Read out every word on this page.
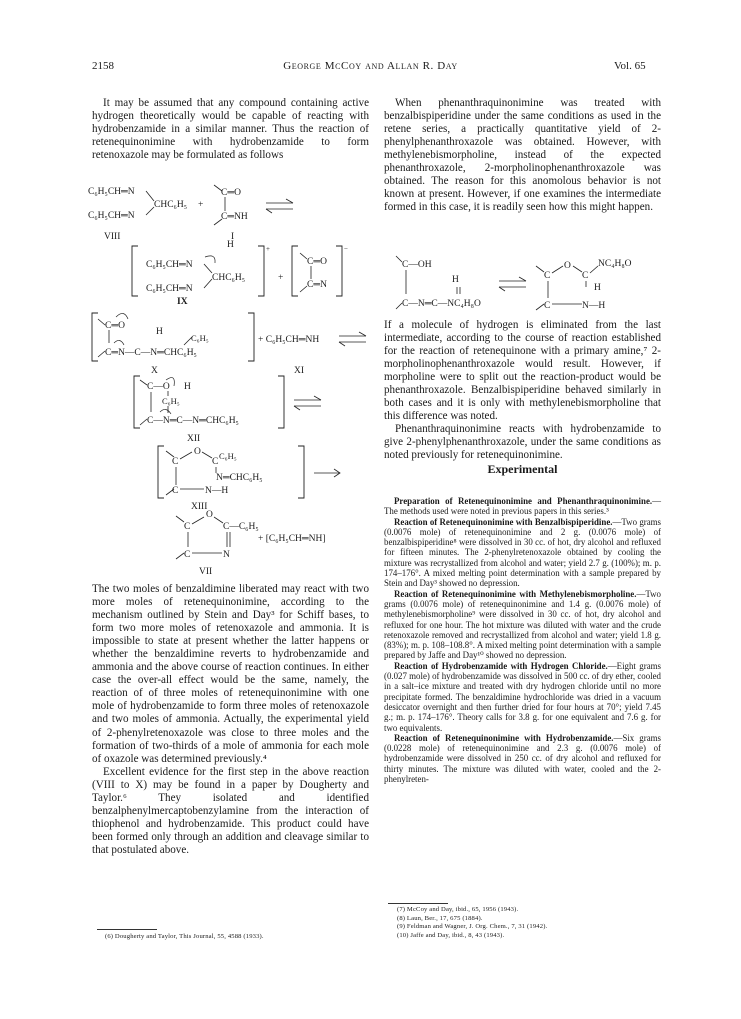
2158	George McCoy and Allan R. Day	Vol. 65

It may be assumed that any compound containing active hydrogen theoretically would be capable of reacting with hydrobenzamide in a similar manner. Thus the reaction of retenequinonimine with hydrobenzamide to form retenoxazole may be formulated as follows

C₆H₅CH═N
C₆H₅CH═N
CHC₆H₅ +
C═O
C═NH
VIII	I
H
C₆H₅CH═N
C₆H₅CH═N
CHC₆H₅
+
+
C═O
C═N
−
IX
C═O
H
C₆H₅
C═N—C—N═CHC₆H₅
+ C₆H₅CH═NH
X	XI
C—O H
C₆H₅
C—N═C—N═CHC₆H₅
XII
C
O
C
C₆H₅
N═CHC₆H₅
C	N—H
XIII
C
O
C—C₆H₅
C	N
+ [C₆H₅CH═NH]
VII

The two moles of benzaldimine liberated may react with two more moles of retenequinonimine, according to the mechanism outlined by Stein and Day³ for Schiff bases, to form two more moles of retenoxazole and ammonia. It is impossible to state at present whether the latter happens or whether the benzaldimine reverts to hydrobenzamide and ammonia and the above course of reaction continues. In either case the over-all effect would be the same, namely, the reaction of of three moles of retenequinonimine with one mole of hydrobenzamide to form three moles of retenoxazole and two moles of ammonia. Actually, the experimental yield of 2-phenylretenoxazole was close to three moles and the formation of two-thirds of a mole of ammonia for each mole of oxazole was determined previously.⁴

Excellent evidence for the first step in the above reaction (VIII to X) may be found in a paper by Dougherty and Taylor.⁶ They isolated and identified benzalphenylmercaptobenzylamine from the interaction of thiophenol and hydrobenzamide. This product could have been formed only through an addition and cleavage similar to that postulated above.

(6) Dougherty and Taylor, This Journal, 55, 4588 (1933).

When phenanthraquinonimine was treated with benzalbispiperidine under the same conditions as used in the retene series, a practically quantitative yield of 2-phenylphenanthroxazole was obtained. However, with methylenebismorpholine, instead of the expected phenanthroxazole, 2-morpholinophenanthroxazole was obtained. The reason for this anomolous behavior is not known at present. However, if one examines the intermediate formed in this case, it is readily seen how this might happen.

C—OH
H
C—N═C—NC₄H₈O
C
O
C
NC₄H₈O
H
C	N—H

If a molecule of hydrogen is eliminated from the last intermediate, according to the course of reaction established for the reaction of retenequinone with a primary amine,⁷ 2-morpholinophenanthroxazole would result. However, if morpholine were to split out the reaction-product would be phenanthroxazole. Benzalbispiperidine behaved similarly in both cases and it is only with methylenebismorpholine that this difference was noted.

Phenanthraquinonimine reacts with hydrobenzamide to give 2-phenylphenanthroxazole, under the same conditions as noted previously for retenequinonimine.

Experimental

Preparation of Retenequinonimine and Phenanthraquinonimine.—The methods used were noted in previous papers in this series.³

Reaction of Retenequinonimine with Benzalbispiperidine.—Two grams (0.0076 mole) of retenequinonimine and 2 g. (0.0076 mole) of benzalbispiperidine⁸ were dissolved in 30 cc. of hot, dry alcohol and refluxed for fifteen minutes. The 2-phenylretenoxazole obtained by cooling the mixture was recrystallized from alcohol and water; yield 2.7 g. (100%); m. p. 174–176°. A mixed melting point determination with a sample prepared by Stein and Day³ showed no depression.

Reaction of Retenequinonimine with Methylenebismorpholine.—Two grams (0.0076 mole) of retenequinonimine and 1.4 g. (0.0076 mole) of methylenebismorpholine⁹ were dissolved in 30 cc. of hot, dry alcohol and refluxed for one hour. The hot mixture was diluted with water and the crude retenoxazole removed and recrystallized from alcohol and water; yield 1.8 g. (83%); m. p. 108–108.8°. A mixed melting point determination with a sample prepared by Jaffe and Day¹⁰ showed no depression.

Reaction of Hydrobenzamide with Hydrogen Chloride.—Eight grams (0.027 mole) of hydrobenzamide was dissolved in 500 cc. of dry ether, cooled in a salt–ice mixture and treated with dry hydrogen chloride until no more precipitate formed. The benzaldimine hydrochloride was dried in a vacuum desiccator overnight and then further dried for four hours at 70°; yield 7.45 g.; m. p. 174–176°. Theory calls for 3.8 g. for one equivalent and 7.6 g. for two equivalents.

Reaction of Retenequinonimine with Hydrobenzamide.—Six grams (0.0228 mole) of retenequinonimine and 2.3 g. (0.0076 mole) of hydrobenzamide were dissolved in 250 cc. of dry alcohol and refluxed for thirty minutes. The mixture was diluted with water, cooled and the 2-phenylreten-

(7) McCoy and Day, ibid., 65, 1956 (1943).
(8) Laun, Ber., 17, 675 (1884).
(9) Feldman and Wagner, J. Org. Chem., 7, 31 (1942).
(10) Jaffe and Day, ibid., 8, 43 (1943).
